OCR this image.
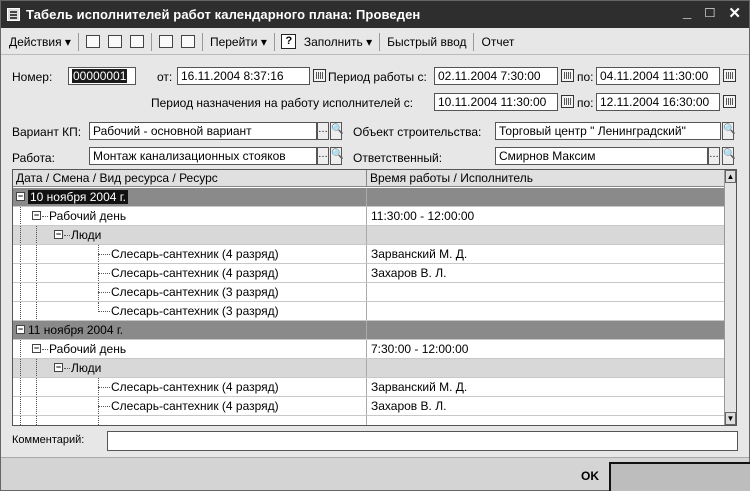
Табель исполнителей работ календарного плана: Проведен	_ □ ✕
Действия ▾	Перейти ▾	? Заполнить ▾	Быстрый ввод	Отчет
Номер:	00000001	от: 16.11.2004 8:37:16	Период работы с: 02.11.2004 7:30:00	по: 04.11.2004 11:30:00
Период назначения на работу исполнителей с:	10.11.2004 11:30:00	по: 12.11.2004 16:30:00
Вариант КП: Рабочий - основной вариант	… 🔍 Объект строительства:	Торговый центр " Ленинградский"	🔍
Работа:	Монтаж канализационных стояков	… 🔍 Ответственный:	Смирнов Максим	… 🔍
Дата / Смена / Вид ресурса / Ресурс	Время работы / Исполнитель
− 10 ноября 2004 г.
− Рабочий день	11:30:00 - 12:00:00
− Люди
Слесарь-сантехник (4 разряд)	Зарванский М. Д.
Слесарь-сантехник (4 разряд)	Захаров В. Л.
Слесарь-сантехник (3 разряд)
Слесарь-сантехник (3 разряд)
− 11 ноября 2004 г.
− Рабочий день	7:30:00 - 12:00:00
− Люди
Слесарь-сантехник (4 разряд)	Зарванский М. Д.
Слесарь-сантехник (4 разряд)	Захаров В. Л.
▲
▼
Комментарий:
OK
